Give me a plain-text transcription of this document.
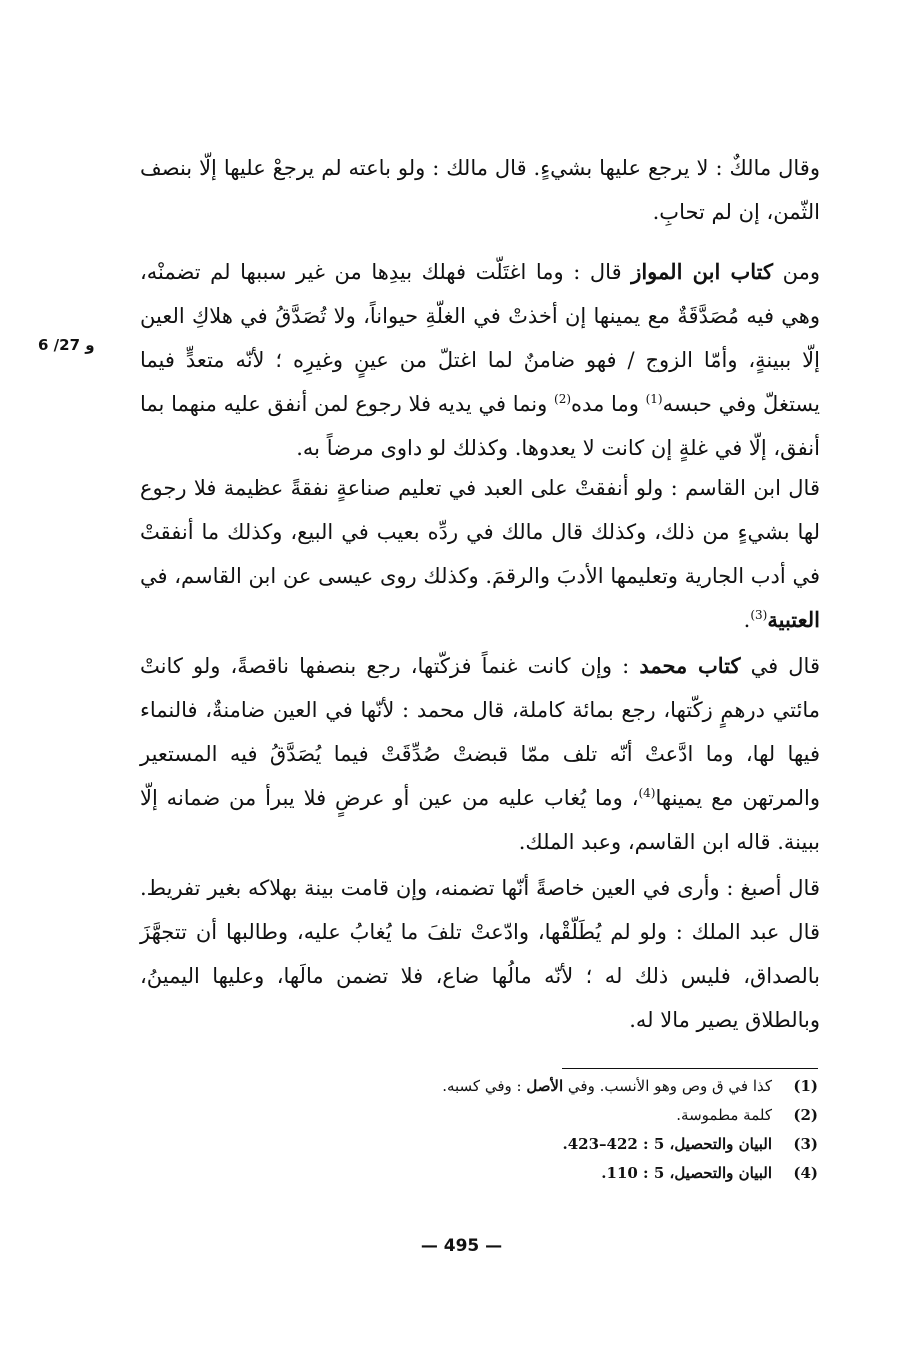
وقال مالكٌ : لا يرجع عليها بشيءٍ. قال مالك : ولو باعته لم يرجعْ عليها إلّا بنصف الثّمن، إن لم تحابِ.

ومن كتاب ابن المواز قال : وما اغتَلّت فهلك بيدِها من غير سببها لم تضمنْه، وهي فيه مُصَدَّقَةٌ مع يمينها إن أخذتْ في الغلّةِ حيواناً، ولا تُصَدَّقُ في هلاكِ العين إلّا ببينةٍ، وأمّا الزوج / فهو ضامنٌ لما اغتلّ من عينٍ وغيرِه ؛ لأنّه متعدٍّ فيما يستغلّ وفي حبسه$^{(1)}$ وما مده$^{(2)}$ ونما في يديه فلا رجوع لمن أنفق عليه منهما بما أنفق، إلّا في غلةٍ إن كانت لا يعدوها. وكذلك لو داوى مرضاً به.

6 /27 و

قال ابن القاسم : ولو أنفقتْ على العبد في تعليم صناعةٍ نفقةً عظيمة فلا رجوع لها بشيءٍ من ذلك، وكذلك قال مالك في ردِّه بعيب في البيع، وكذلك ما أنفقتْ في أدب الجارية وتعليمها الأدبَ والرقمَ. وكذلك روى عيسى عن ابن القاسم، في العتبية$^{(3)}$.

قال في كتاب محمد : وإن كانت غنماً فزكّتها، رجع بنصفها ناقصةً، ولو كانتْ مائتي درهمٍ زكّتها، رجع بمائة كاملة، قال محمد : لأنّها في العين ضامنةٌ، فالنماء فيها لها، وما ادَّعتْ أنّه تلف ممّا قبضتْ صُدِّقَتْ فيما يُصَدَّقُ فيه المستعير والمرتهن مع يمينها$^{(4)}$، وما يُغاب عليه من عين أو عرضٍ فلا يبرأ من ضمانه إلّا ببينة. قاله ابن القاسم، وعبد الملك.

قال أصبغ : وأرى في العين خاصةً أنّها تضمنه، وإن قامت بينة بهلاكه بغير تفريط. قال عبد الملك : ولو لم يُطَلّقْها، وادّعتْ تلفَ ما يُغابُ عليه، وطالبها أن تتجهَّزَ بالصداق، فليس ذلك له ؛ لأنّه مالُها ضاع، فلا تضمن مالَها، وعليها اليمينُ، وبالطلاق يصير مالا له.

(1)
كذا في ق وص وهو الأنسب. وفي الأصل : وفي كسبه.
(2)
كلمة مطموسة.
(3)
البيان والتحصيل، 5 : 422–423.
(4)
البيان والتحصيل، 5 : 110.
— 495 —
